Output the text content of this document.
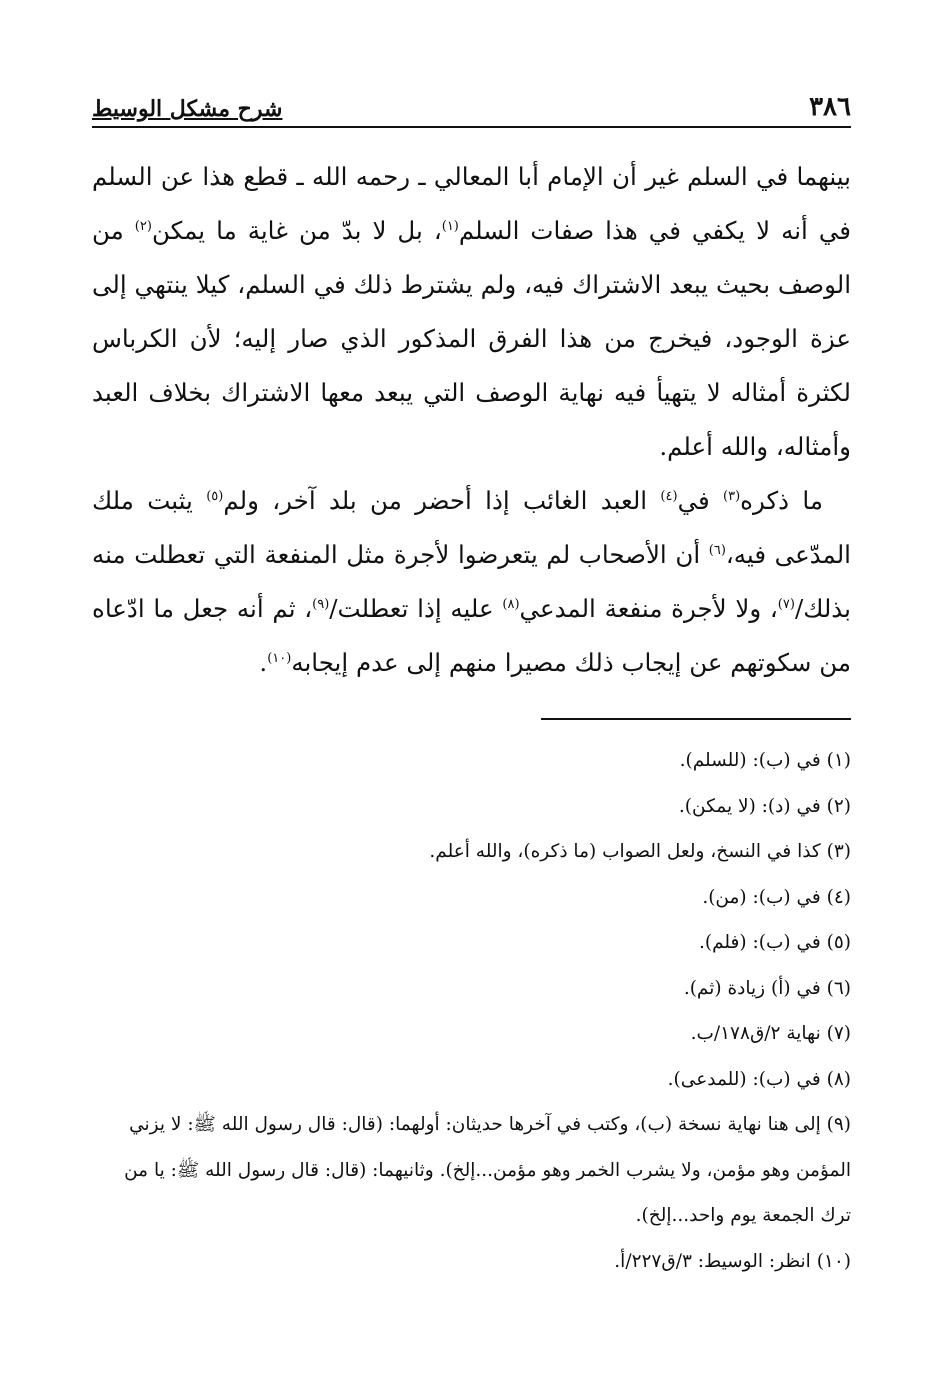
٣٨٦
شرح مشكل الوسيط

بينهما في السلم غير أن الإمام أبا المعالي ـ رحمه الله ـ قطع هذا عن السلم في أنه لا يكفي في هذا صفات السلم$^{(١)}$، بل لا بدّ من غاية ما يمكن$^{(٢)}$ من الوصف بحيث يبعد الاشتراك فيه، ولم يشترط ذلك في السلم، كيلا ينتهي إلى عزة الوجود، فيخرج من هذا الفرق المذكور الذي صار إليه؛ لأن الكرباس لكثرة أمثاله لا يتهيأ فيه نهاية الوصف التي يبعد معها الاشتراك بخلاف العبد وأمثاله، والله أعلم.

ما ذكره$^{(٣)}$ في$^{(٤)}$ العبد الغائب إذا أحضر من بلد آخر، ولم$^{(٥)}$ يثبت ملك المدّعى فيه،$^{(٦)}$ أن الأصحاب لم يتعرضوا لأجرة مثل المنفعة التي تعطلت منه بذلك/$^{(٧)}$، ولا لأجرة منفعة المدعي$^{(٨)}$ عليه إذا تعطلت/$^{(٩)}$، ثم أنه جعل ما ادّعاه من سكوتهم عن إيجاب ذلك مصيرا منهم إلى عدم إيجابه$^{(١٠)}$.

(١) في (ب): (للسلم).

(٢) في (د): (لا يمكن).

(٣) كذا في النسخ، ولعل الصواب (ما ذكره)، والله أعلم.

(٤) في (ب): (من).

(٥) في (ب): (فلم).

(٦) في (أ) زيادة (ثم).

(٧) نهاية ٢/ق١٧٨/ب.

(٨) في (ب): (للمدعى).

(٩) إلى هنا نهاية نسخة (ب)، وكتب في آخرها حديثان: أولهما: (قال: قال رسول الله ﷺ: لا يزني المؤمن وهو مؤمن، ولا يشرب الخمر وهو مؤمن...إلخ). وثانيهما: (قال: قال رسول الله ﷺ: يا من ترك الجمعة يوم واحد...إلخ).

(١٠) انظر: الوسيط: ٣/ق٢٢٧/أ.
